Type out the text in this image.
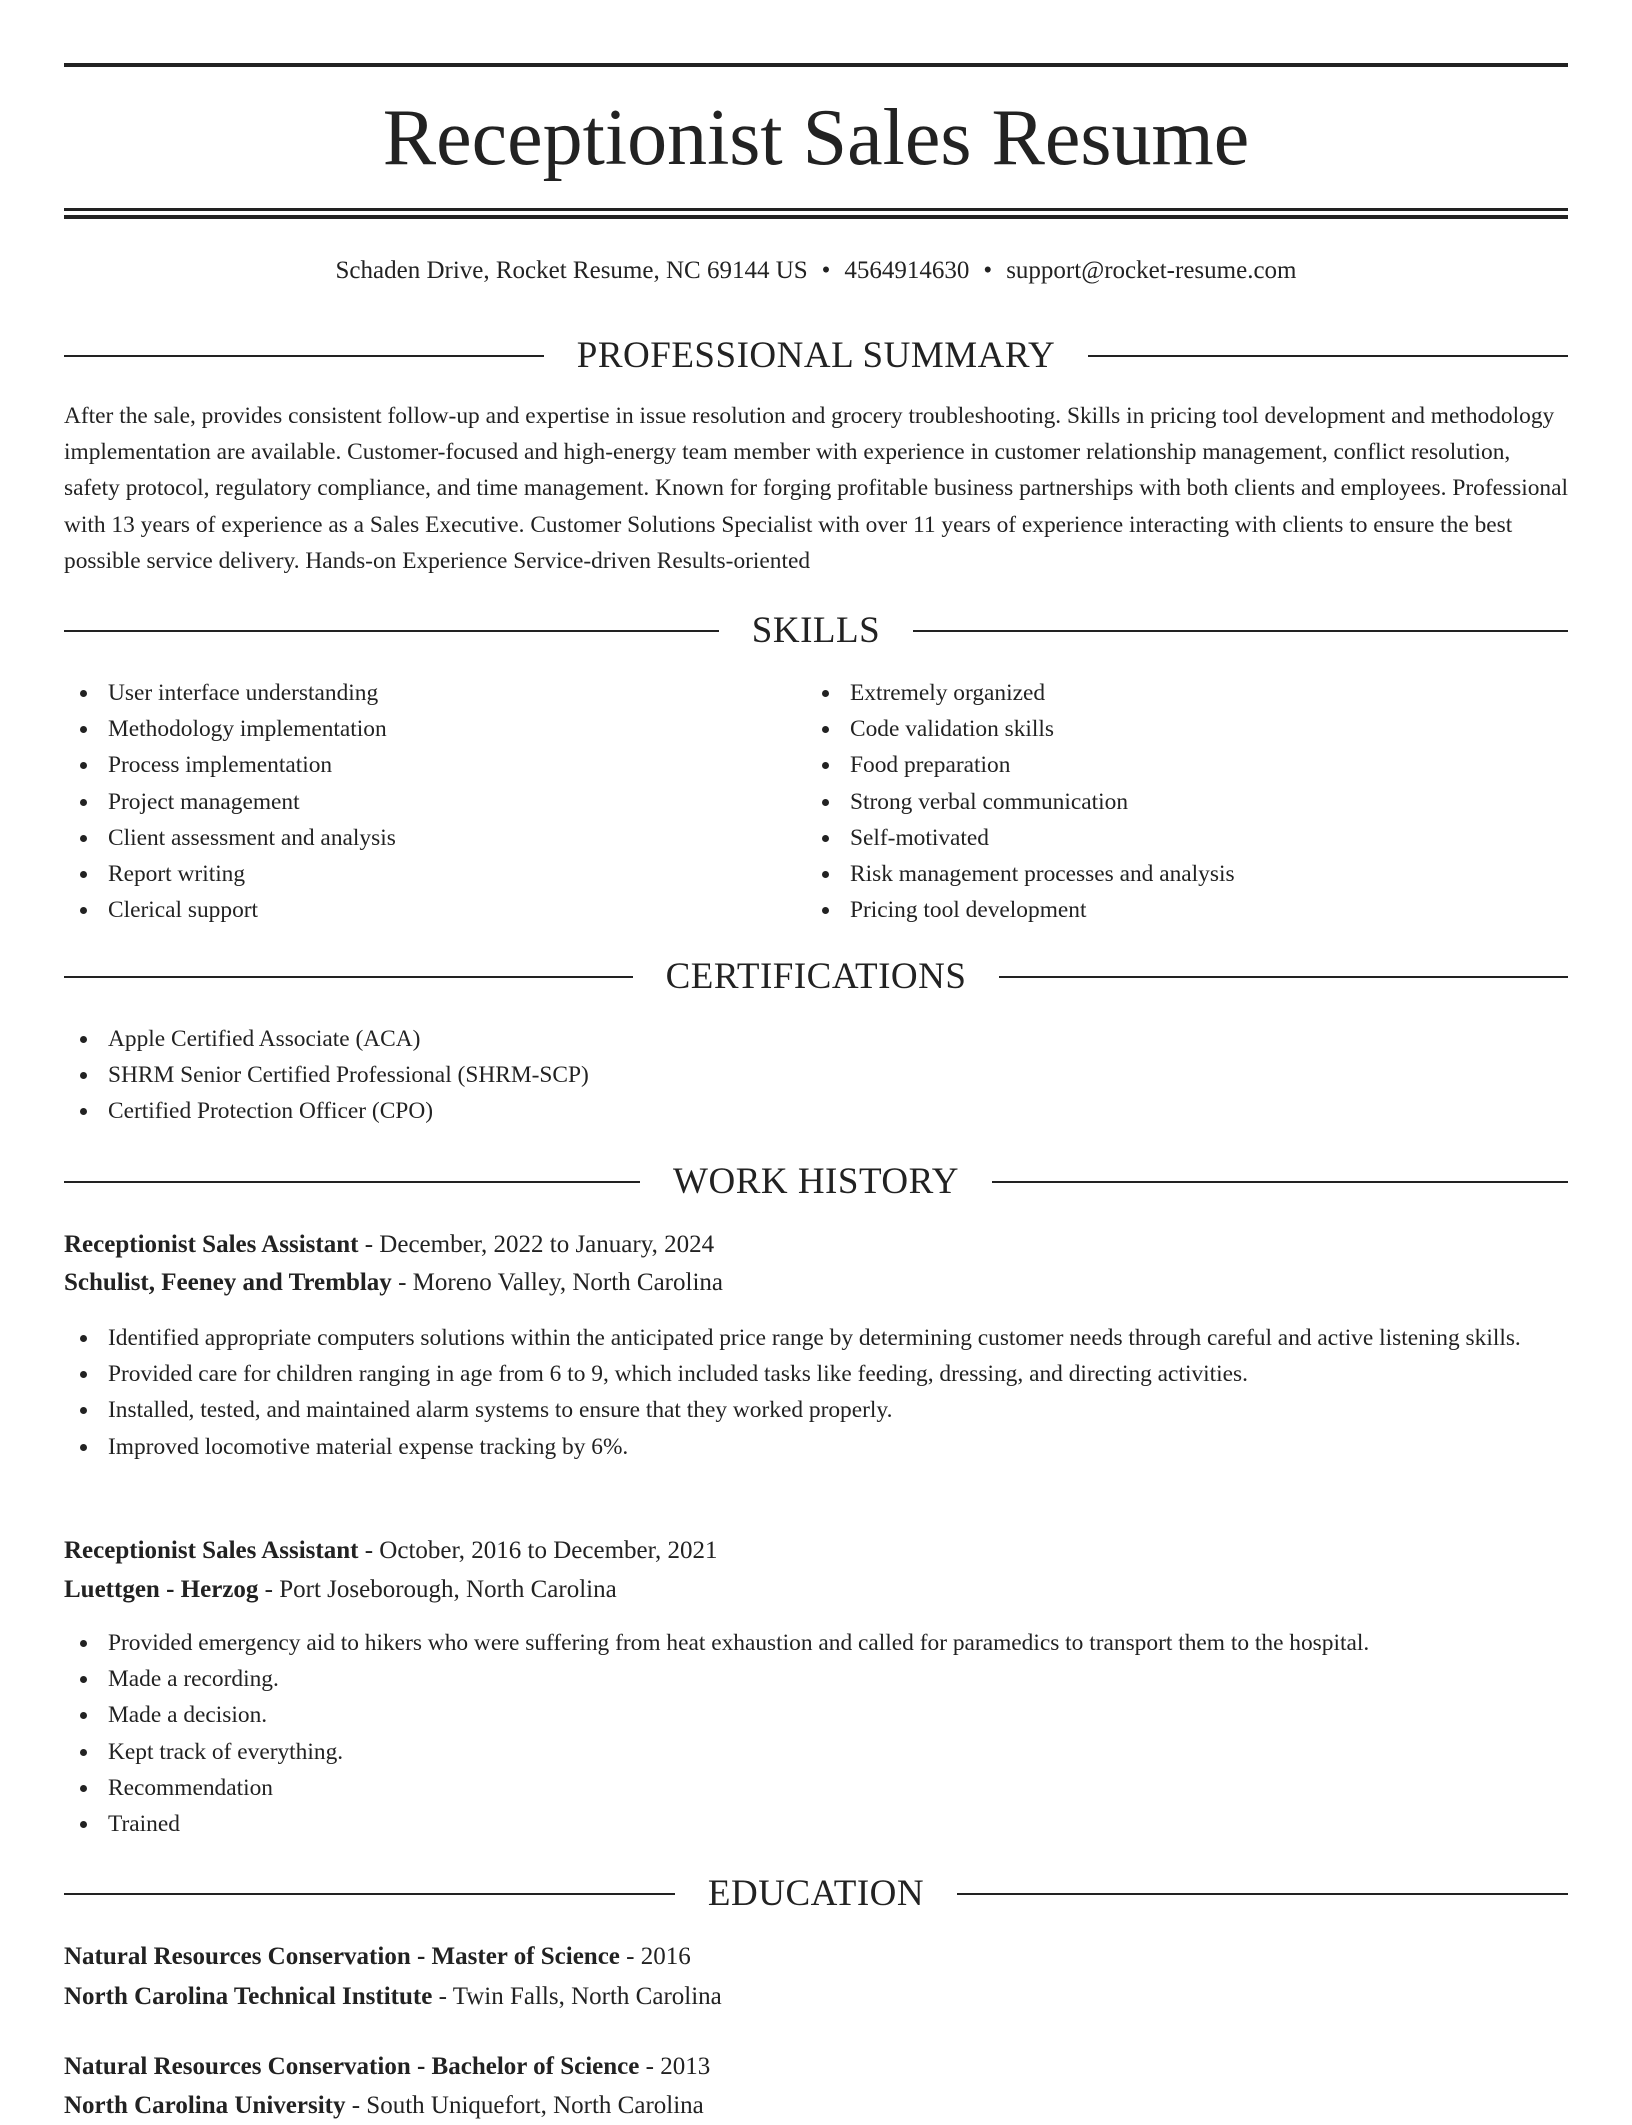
Receptionist Sales Resume
Schaden Drive, Rocket Resume, NC 69144 US • 4564914630 • support@rocket-resume.com
PROFESSIONAL SUMMARY

After the sale, provides consistent follow-up and expertise in issue resolution and grocery troubleshooting. Skills in pricing tool development and methodology implementation are available. Customer-focused and high-energy team member with experience in customer relationship management, conflict resolution, safety protocol, regulatory compliance, and time management. Known for forging profitable business partnerships with both clients and employees. Professional with 13 years of experience as a Sales Executive. Customer Solutions Specialist with over 11 years of experience interacting with clients to ensure the best possible service delivery. Hands-on Experience Service-driven Results-oriented

SKILLS
User interface understanding
Methodology implementation
Process implementation
Project management
Client assessment and analysis
Report writing
Clerical support
Extremely organized
Code validation skills
Food preparation
Strong verbal communication
Self-motivated
Risk management processes and analysis
Pricing tool development
CERTIFICATIONS
Apple Certified Associate (ACA)
SHRM Senior Certified Professional (SHRM-SCP)
Certified Protection Officer (CPO)
WORK HISTORY
Receptionist Sales Assistant - December, 2022 to January, 2024
Schulist, Feeney and Tremblay - Moreno Valley, North Carolina
Identified appropriate computers solutions within the anticipated price range by determining customer needs through careful and active listening skills.
Provided care for children ranging in age from 6 to 9, which included tasks like feeding, dressing, and directing activities.
Installed, tested, and maintained alarm systems to ensure that they worked properly.
Improved locomotive material expense tracking by 6%.
Receptionist Sales Assistant - October, 2016 to December, 2021
Luettgen - Herzog - Port Joseborough, North Carolina
Provided emergency aid to hikers who were suffering from heat exhaustion and called for paramedics to transport them to the hospital.
Made a recording.
Made a decision.
Kept track of everything.
Recommendation
Trained
EDUCATION
Natural Resources Conservation - Master of Science - 2016
North Carolina Technical Institute - Twin Falls, North Carolina
Natural Resources Conservation - Bachelor of Science - 2013
North Carolina University - South Uniquefort, North Carolina
